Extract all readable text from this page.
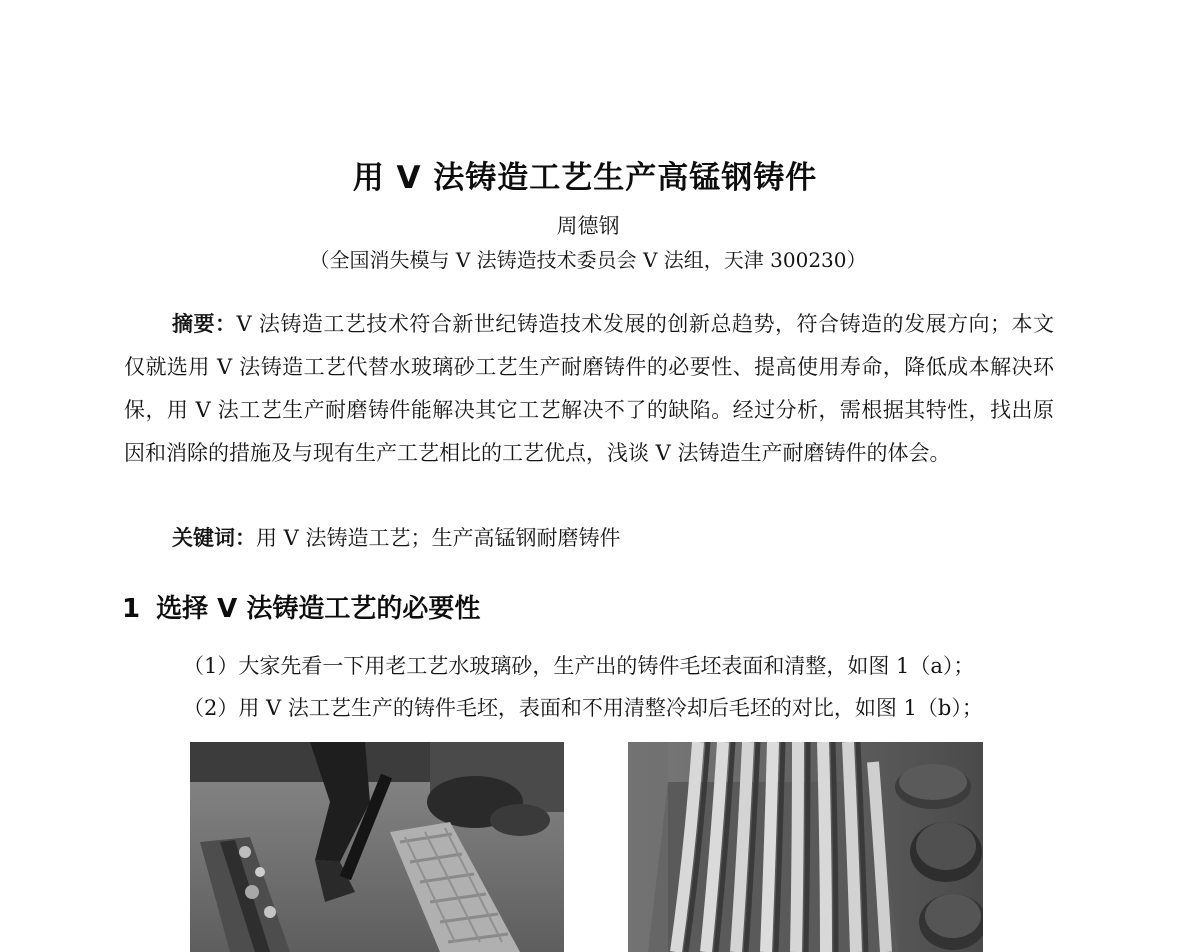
用 V 法铸造工艺生产高锰钢铸件
周德钢
（全国消失模与 V 法铸造技术委员会 V 法组，天津 300230）
摘要：V 法铸造工艺技术符合新世纪铸造技术发展的创新总趋势，符合铸造的发展方向；本文仅就选用 V 法铸造工艺代替水玻璃砂工艺生产耐磨铸件的必要性、提高使用寿命，降低成本解决环保，用 V 法工艺生产耐磨铸件能解决其它工艺解决不了的缺陷。经过分析，需根据其特性，找出原因和消除的措施及与现有生产工艺相比的工艺优点，浅谈 V 法铸造生产耐磨铸件的体会。
关键词：用 V 法铸造工艺；生产高锰钢耐磨铸件
1 选择 V 法铸造工艺的必要性
（1）大家先看一下用老工艺水玻璃砂，生产出的铸件毛坯表面和清整，如图 1（a）；
（2）用 V 法工艺生产的铸件毛坯，表面和不用清整冷却后毛坯的对比，如图 1（b）；
